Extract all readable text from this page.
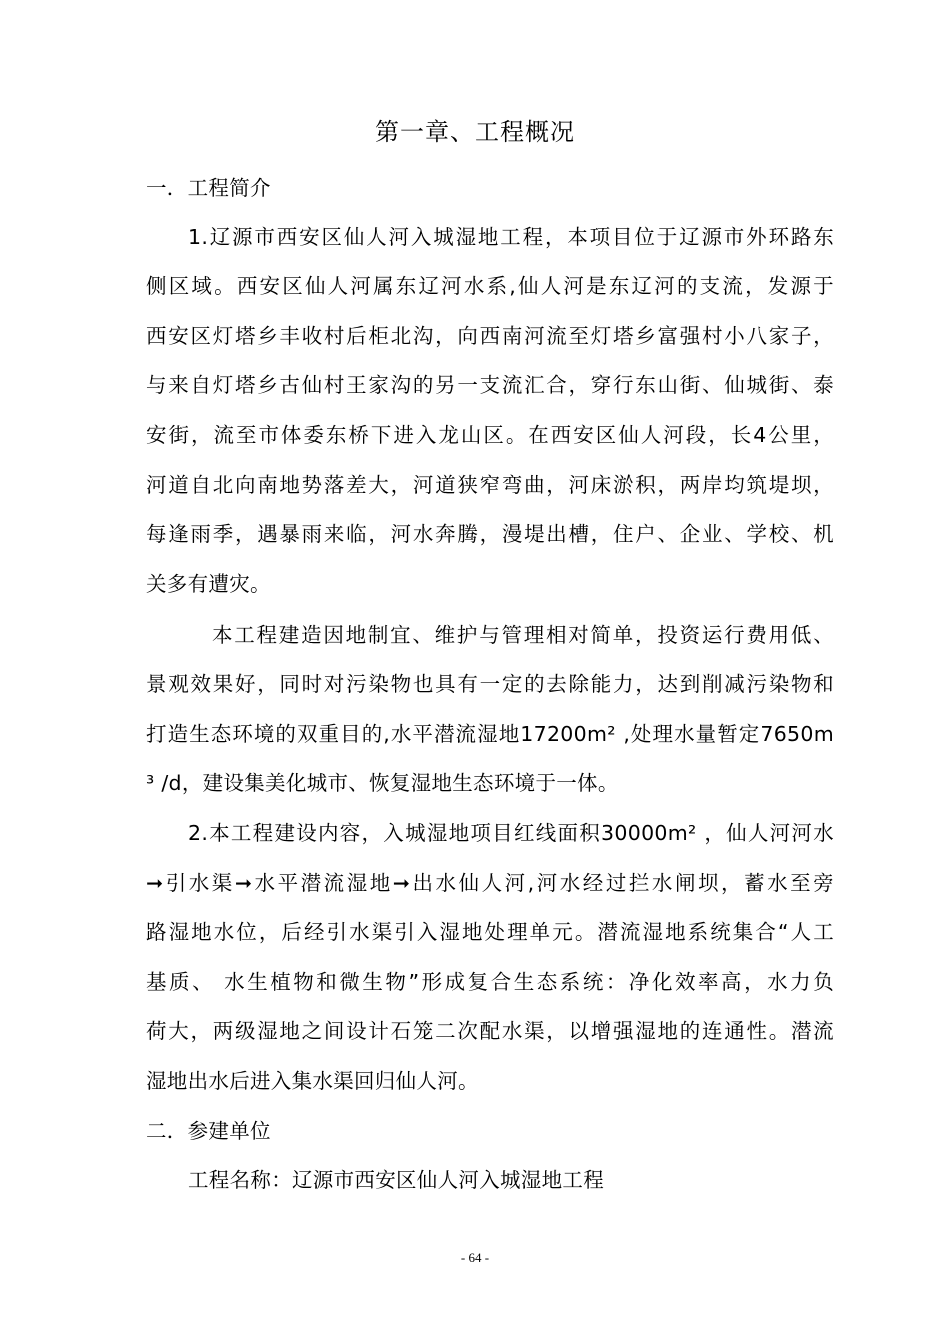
第一章、工程概况
一．工程简介
1.辽源市西安区仙人河入城湿地工程，本项目位于辽源市外环路东
侧区域。西安区仙人河属东辽河水系,仙人河是东辽河的支流，发源于
西安区灯塔乡丰收村后柜北沟，向西南河流至灯塔乡富强村小八家子，
与来自灯塔乡古仙村王家沟的另一支流汇合，穿行东山街、仙城街、泰
安街，流至市体委东桥下进入龙山区。在西安区仙人河段，长4公里，
河道自北向南地势落差大，河道狭窄弯曲，河床淤积，两岸均筑堤坝，
每逢雨季，遇暴雨来临，河水奔腾，漫堤出槽，住户、企业、学校、机
关多有遭灾。
本工程建造因地制宜、维护与管理相对简单，投资运行费用低、
景观效果好，同时对污染物也具有一定的去除能力，达到削减污染物和
打造生态环境的双重目的,水平潜流湿地17200m² ,处理水量暂定7650m
³ /d，建设集美化城市、恢复湿地生态环境于一体。
2.本工程建设内容，入城湿地项目红线面积30000m² ，仙人河河水
➞引水渠➞水平潜流湿地➞出水仙人河,河水经过拦水闸坝，蓄水至旁
路湿地水位，后经引水渠引入湿地处理单元。潜流湿地系统集合“人工
基质、 水生植物和微生物”形成复合生态系统：净化效率高，水力负
荷大，两级湿地之间设计石笼二次配水渠，以增强湿地的连通性。潜流
湿地出水后进入集水渠回归仙人河。
二．参建单位
工程名称：辽源市西安区仙人河入城湿地工程
- 64 -
